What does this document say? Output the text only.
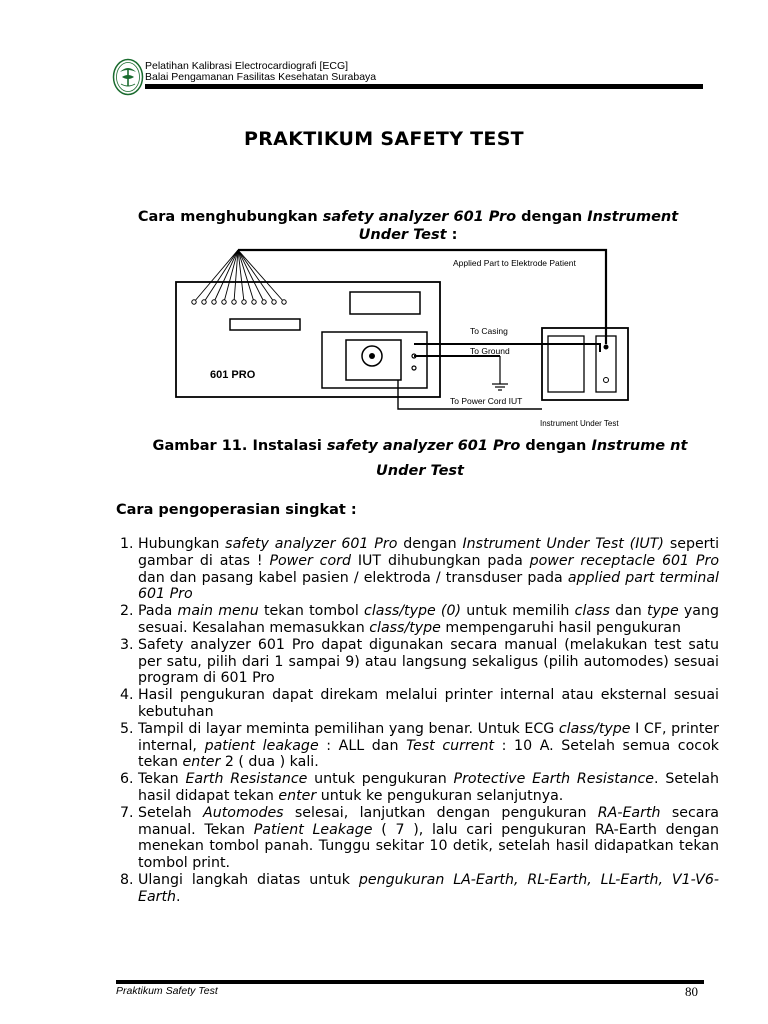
Pelatihan Kalibrasi Electrocardiografi [ECG]
Balai Pengamanan Fasilitas Kesehatan Surabaya
PRAKTIKUM SAFETY TEST
Cara menghubungkan safety analyzer 601 Pro dengan Instrument Under Test :
601 PRO
Applied Part to Elektrode Patient
Instrument Under Test
To Casing
To Ground
To Power Cord IUT
Gambar 11. Instalasi safety analyzer 601 Pro dengan Instrume nt Under Test
Cara pengoperasian singkat :
1. Hubungkan safety analyzer 601 Pro dengan Instrument Under Test (IUT) seperti gambar di atas ! Power cord IUT dihubungkan pada power receptacle 601 Pro dan dan pasang kabel pasien / elektroda / transduser pada applied part terminal 601 Pro
2. Pada main menu tekan tombol class/type (0) untuk memilih class dan type yang sesuai. Kesalahan memasukkan class/type mempengaruhi hasil pengukuran
3. Safety analyzer 601 Pro dapat digunakan secara manual (melakukan test satu per satu, pilih dari 1 sampai 9) atau langsung sekaligus (pilih automodes) sesuai program di 601 Pro
4. Hasil pengukuran dapat direkam melalui printer internal atau eksternal sesuai kebutuhan
5. Tampil di layar meminta pemilihan yang benar. Untuk ECG class/type I CF, printer internal, patient leakage : ALL dan Test current : 10 A. Setelah semua cocok tekan enter 2 ( dua ) kali.
6. Tekan Earth Resistance untuk pengukuran Protective Earth Resistance. Setelah hasil didapat tekan enter untuk ke pengukuran selanjutnya.
7. Setelah Automodes selesai, lanjutkan dengan pengukuran RA-Earth secara manual. Tekan Patient Leakage ( 7 ), lalu cari pengukuran RA-Earth dengan menekan tombol panah. Tunggu sekitar 10 detik, setelah hasil didapatkan tekan tombol print.
8. Ulangi langkah diatas untuk pengukuran LA-Earth, RL-Earth, LL-Earth, V1-V6-Earth.
Praktikum Safety Test	80
